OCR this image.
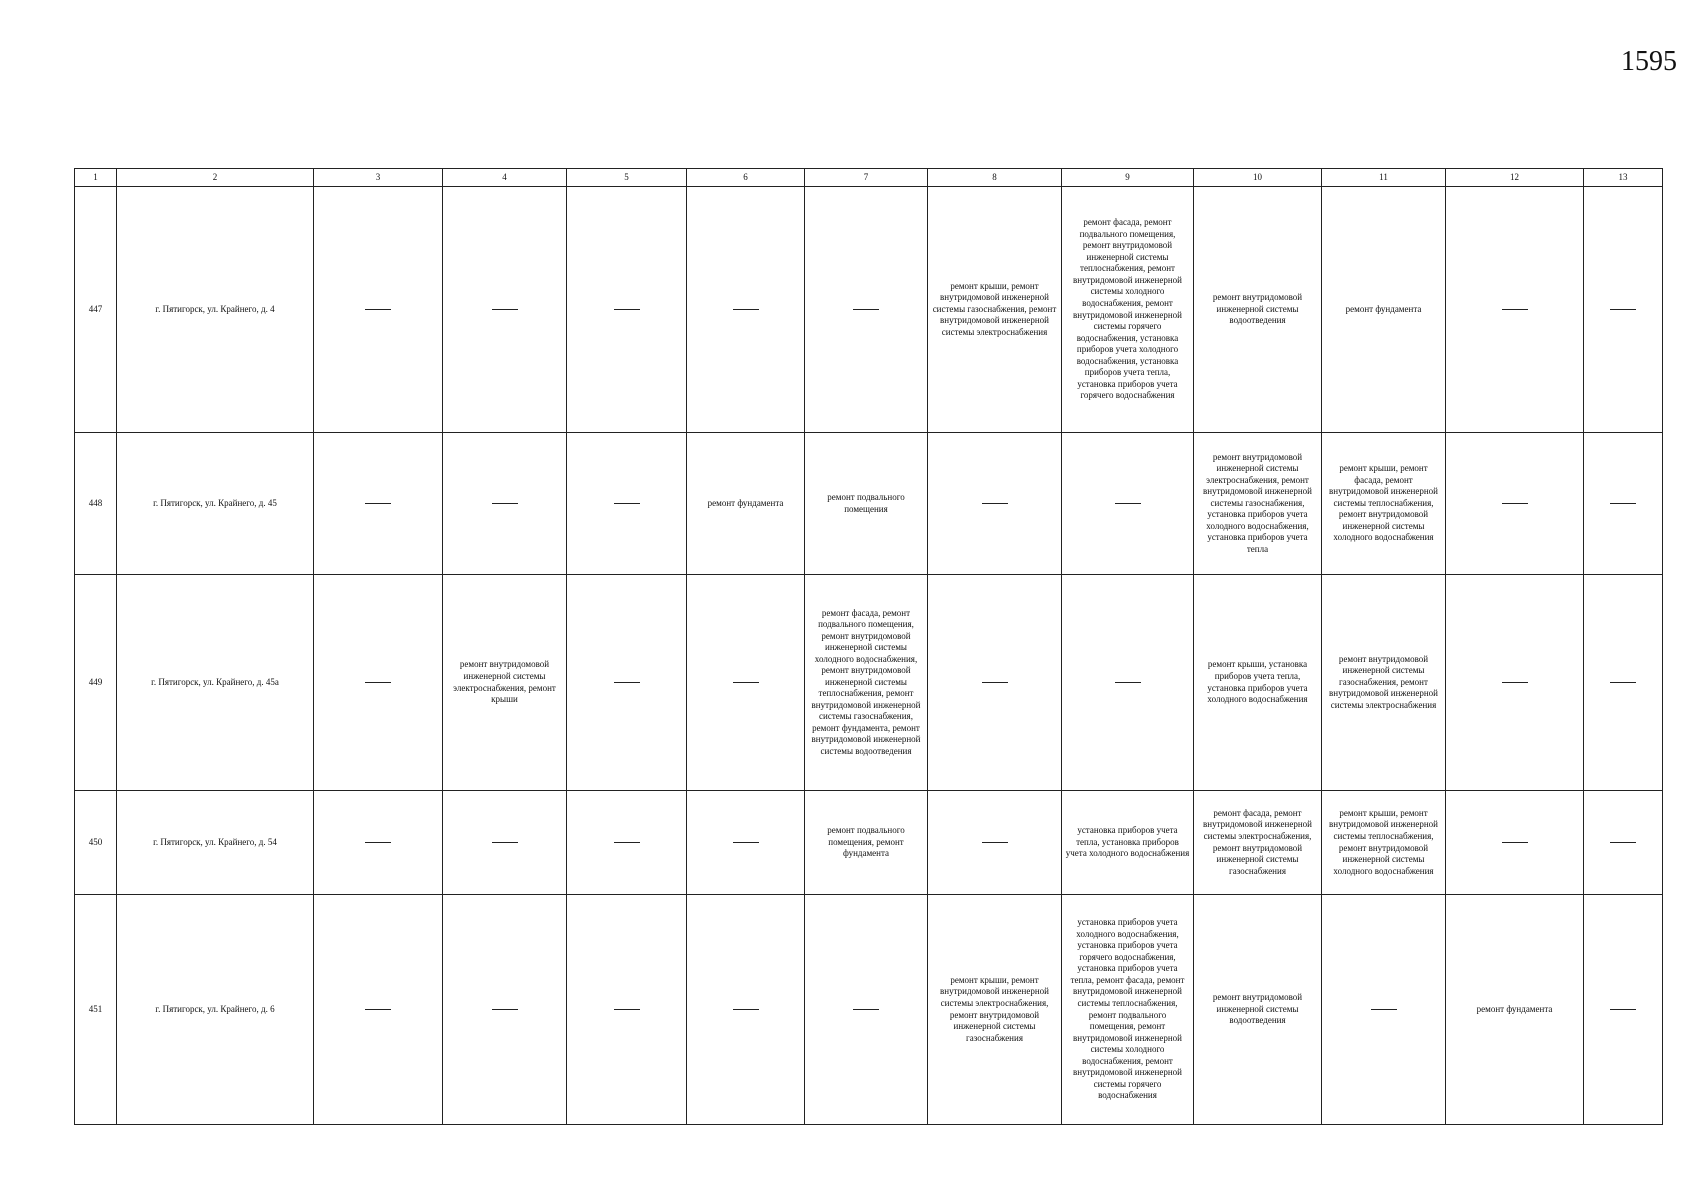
1595
1	2	3	4	5	6	7	8	9	10	11	12	13
447	г. Пятигорск, ул. Крайнего, д. 4						ремонт крыши, ремонт внутридомовой инженерной системы газоснабжения, ремонт внутридомовой инженерной системы электроснабжения	ремонт фасада, ремонт подвального помещения, ремонт внутридомовой инженерной системы теплоснабжения, ремонт внутридомовой инженерной системы холодного водоснабжения, ремонт внутридомовой инженерной системы горячего водоснабжения, установка приборов учета холодного водоснабжения, установка приборов учета тепла, установка приборов учета горячего водоснабжения	ремонт внутридомовой инженерной системы водоотведения	ремонт фундамента		
448	г. Пятигорск, ул. Крайнего, д. 45				ремонт фундамента	ремонт подвального помещения			ремонт внутридомовой инженерной системы электроснабжения, ремонт внутридомовой инженерной системы газоснабжения, установка приборов учета холодного водоснабжения, установка приборов учета тепла	ремонт крыши, ремонт фасада, ремонт внутридомовой инженерной системы теплоснабжения, ремонт внутридомовой инженерной системы холодного водоснабжения		
449	г. Пятигорск, ул. Крайнего, д. 45а		ремонт внутридомовой инженерной системы электроснабжения, ремонт крыши			ремонт фасада, ремонт подвального помещения, ремонт внутридомовой инженерной системы холодного водоснабжения, ремонт внутридомовой инженерной системы теплоснабжения, ремонт внутридомовой инженерной системы газоснабжения, ремонт фундамента, ремонт внутридомовой инженерной системы водоотведения			ремонт крыши, установка приборов учета тепла, установка приборов учета холодного водоснабжения	ремонт внутридомовой инженерной системы газоснабжения, ремонт внутридомовой инженерной системы электроснабжения		
450	г. Пятигорск, ул. Крайнего, д. 54					ремонт подвального помещения, ремонт фундамента		установка приборов учета тепла, установка приборов учета холодного водоснабжения	ремонт фасада, ремонт внутридомовой инженерной системы электроснабжения, ремонт внутридомовой инженерной системы газоснабжения	ремонт крыши, ремонт внутридомовой инженерной системы теплоснабжения, ремонт внутридомовой инженерной системы холодного водоснабжения		
451	г. Пятигорск, ул. Крайнего, д. 6						ремонт крыши, ремонт внутридомовой инженерной системы электроснабжения, ремонт внутридомовой инженерной системы газоснабжения	установка приборов учета холодного водоснабжения, установка приборов учета горячего водоснабжения, установка приборов учета тепла, ремонт фасада, ремонт внутридомовой инженерной системы теплоснабжения, ремонт подвального помещения, ремонт внутридомовой инженерной системы холодного водоснабжения, ремонт внутридомовой инженерной системы горячего водоснабжения	ремонт внутридомовой инженерной системы водоотведения		ремонт фундамента	
